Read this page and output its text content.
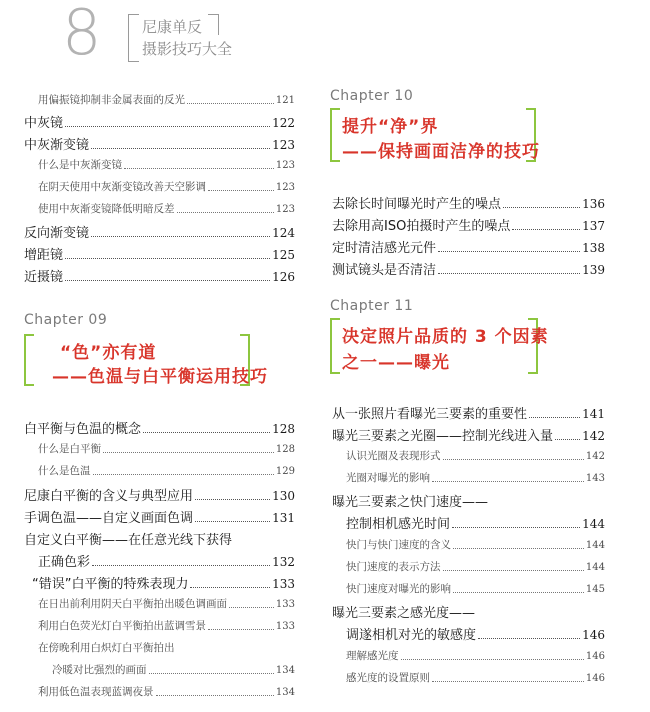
8	尼康单反
摄影技巧大全
用偏振镜抑制非金属表面的反光	121
中灰镜	122
中灰渐变镜	123
什么是中灰渐变镜	123
在阴天使用中灰渐变镜改善天空影调	123
使用中灰渐变镜降低明暗反差	123
反向渐变镜	124
增距镜	125
近摄镜	126
Chapter 09
“色”亦有道
——色温与白平衡运用技巧
白平衡与色温的概念	128
什么是白平衡	128
什么是色温	129
尼康白平衡的含义与典型应用	130
手调色温——自定义画面色调	131
自定义白平衡——在任意光线下获得
正确色彩	132
“错误”白平衡的特殊表现力	133
在日出前利用阴天白平衡拍出暖色调画面	133
利用白色荧光灯白平衡拍出蓝调雪景	133
在傍晚利用白炽灯白平衡拍出
冷暖对比强烈的画面	134
利用低色温表现蓝调夜景	134
Chapter 10
提升“净”界
——保持画面洁净的技巧
去除长时间曝光时产生的噪点	136
去除用高ISO拍摄时产生的噪点	137
定时清洁感光元件	138
测试镜头是否清洁	139
Chapter 11
决定照片品质的 3 个因素
之一——曝光
从一张照片看曝光三要素的重要性	141
曝光三要素之光圈——控制光线进入量 142
认识光圈及表现形式	142
光圈对曝光的影响	143
曝光三要素之快门速度——
控制相机感光时间	144
快门与快门速度的含义	144
快门速度的表示方法	144
快门速度对曝光的影响	145
曝光三要素之感光度——
调遂相机对光的敏感度	146
理解感光度	146
感光度的设置原则	146
